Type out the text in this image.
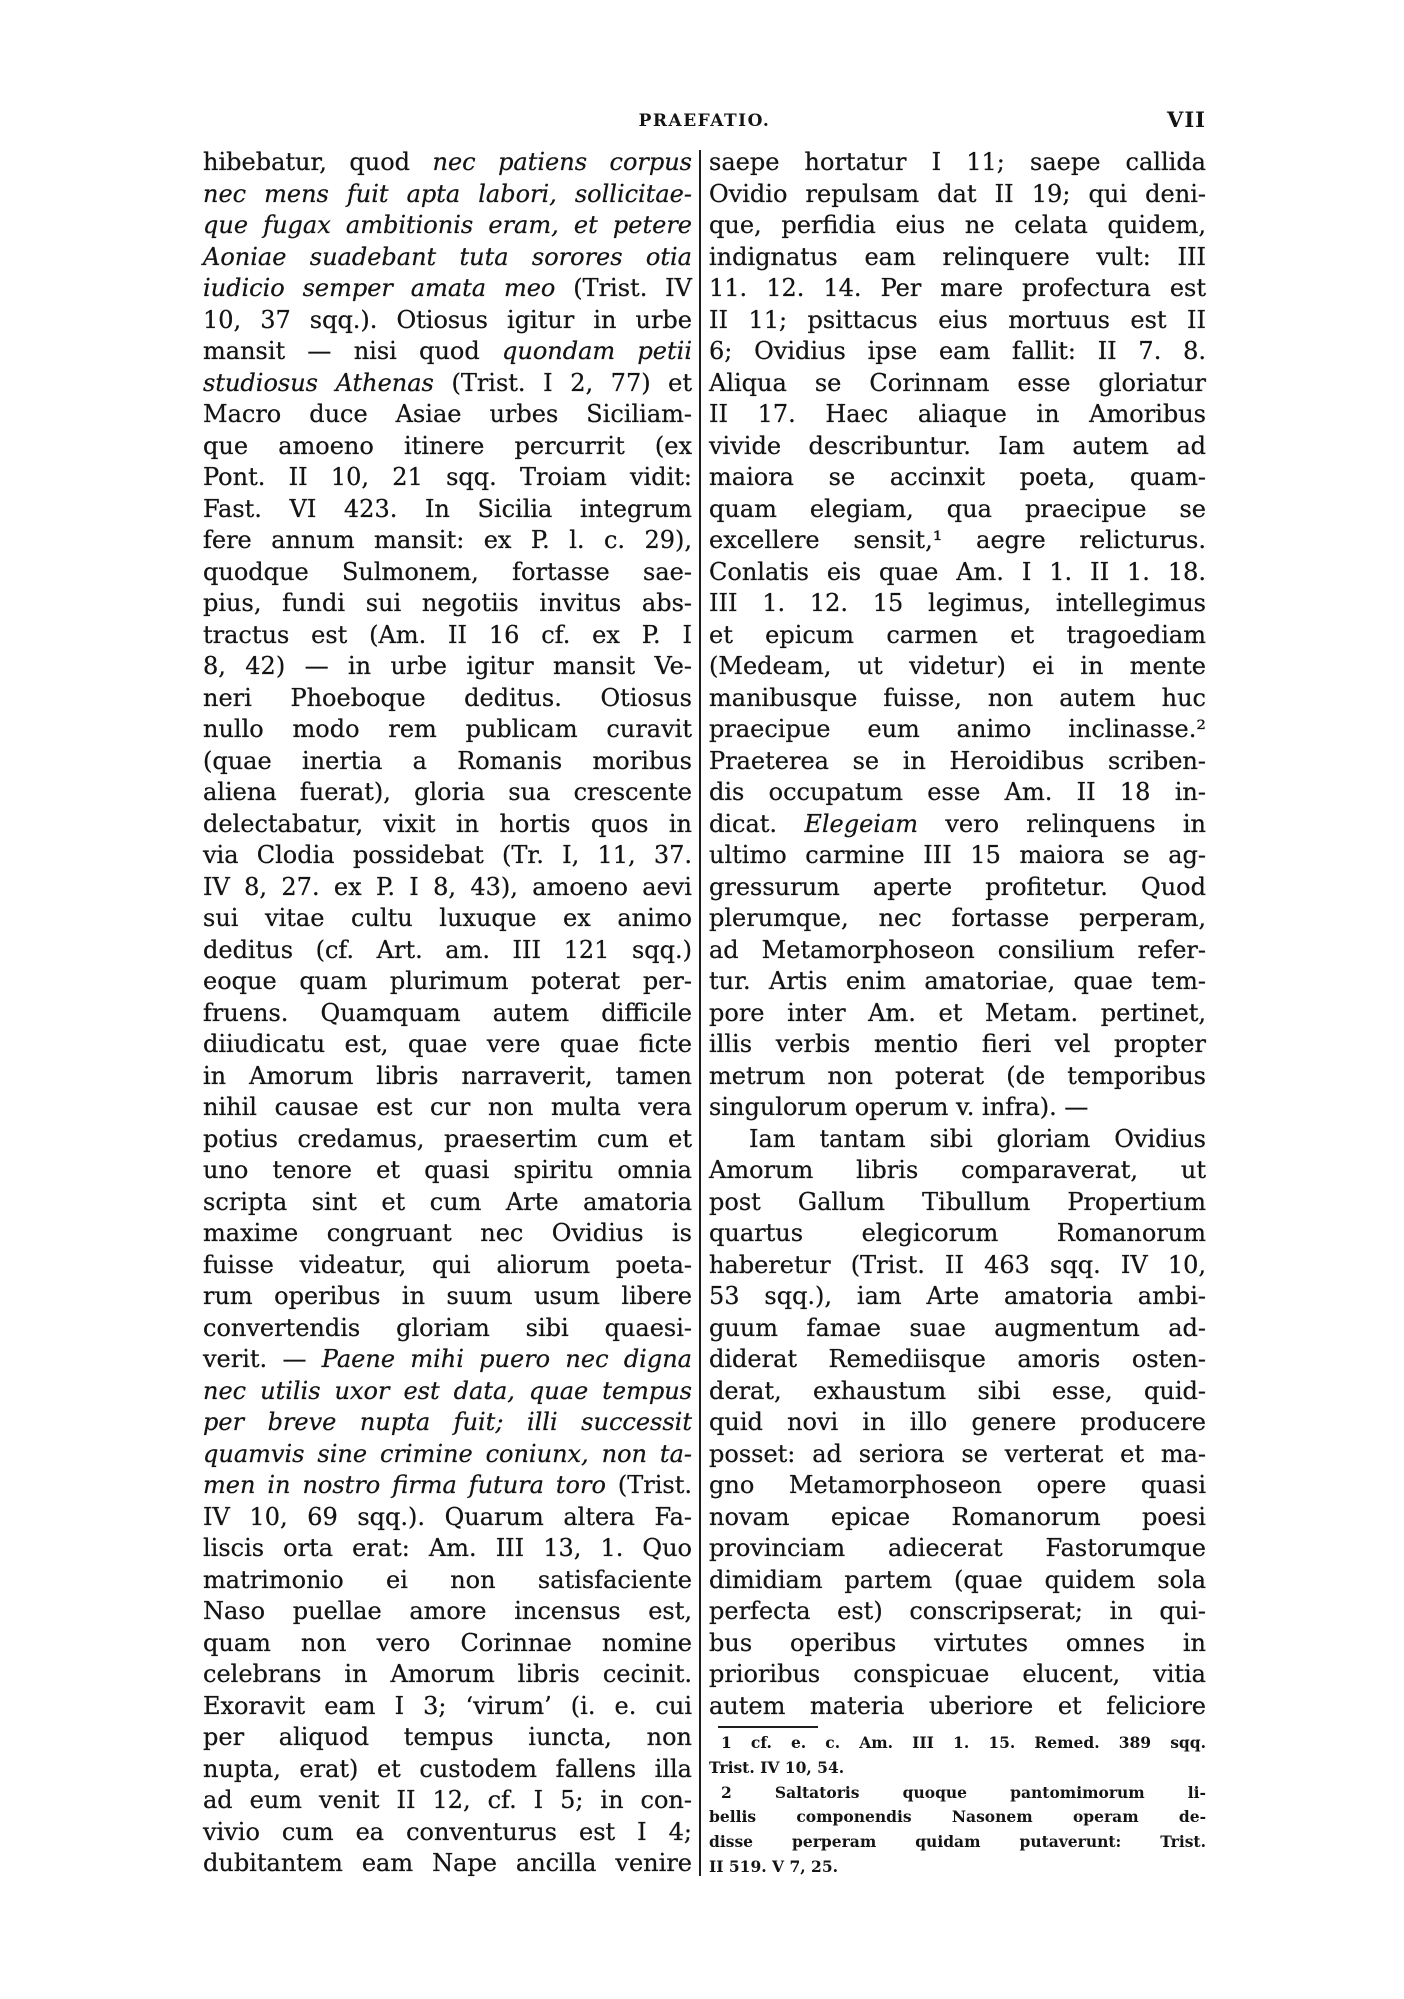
PRAEFATIO.	VII
hibebatur, quod nec patiens corpus
nec mens fuit apta labori, sollicitae-
que fugax ambitionis eram, et petere
Aoniae suadebant tuta sorores otia
iudicio semper amata meo (Trist. IV
10, 37 sqq.). Otiosus igitur in urbe
mansit — nisi quod quondam petii
studiosus Athenas (Trist. I 2, 77) et
Macro duce Asiae urbes Siciliam-
que amoeno itinere percurrit (ex
Pont. II 10, 21 sqq. Troiam vidit:
Fast. VI 423. In Sicilia integrum
fere annum mansit: ex P. l. c. 29),
quodque Sulmonem, fortasse sae-
pius, fundi sui negotiis invitus abs-
tractus est (Am. II 16 cf. ex P. I
8, 42) — in urbe igitur mansit Ve-
neri Phoeboque deditus. Otiosus
nullo modo rem publicam curavit
(quae inertia a Romanis moribus
aliena fuerat), gloria sua crescente
delectabatur, vixit in hortis quos in
via Clodia possidebat (Tr. I, 11, 37.
IV 8, 27. ex P. I 8, 43), amoeno aevi
sui vitae cultu luxuque ex animo
deditus (cf. Art. am. III 121 sqq.)
eoque quam plurimum poterat per-
fruens. Quamquam autem difficile
diiudicatu est, quae vere quae ficte
in Amorum libris narraverit, tamen
nihil causae est cur non multa vera
potius credamus, praesertim cum et
uno tenore et quasi spiritu omnia
scripta sint et cum Arte amatoria
maxime congruant nec Ovidius is
fuisse videatur, qui aliorum poeta-
rum operibus in suum usum libere
convertendis gloriam sibi quaesi-
verit. — Paene mihi puero nec digna
nec utilis uxor est data, quae tempus
per breve nupta fuit; illi successit
quamvis sine crimine coniunx, non ta-
men in nostro firma futura toro (Trist.
IV 10, 69 sqq.). Quarum altera Fa-
liscis orta erat: Am. III 13, 1. Quo
matrimonio ei non satisfaciente
Naso puellae amore incensus est,
quam non vero Corinnae nomine
celebrans in Amorum libris cecinit.
Exoravit eam I 3; ‘virum’ (i. e. cui
per aliquod tempus iuncta, non
nupta, erat) et custodem fallens illa
ad eum venit II 12, cf. I 5; in con-
vivio cum ea conventurus est I 4;
dubitantem eam Nape ancilla venire
saepe hortatur I 11; saepe callida
Ovidio repulsam dat II 19; qui deni-
que, perfidia eius ne celata quidem,
indignatus eam relinquere vult: III
11. 12. 14. Per mare profectura est
II 11; psittacus eius mortuus est II
6; Ovidius ipse eam fallit: II 7. 8.
Aliqua se Corinnam esse gloriatur
II 17. Haec aliaque in Amoribus
vivide describuntur. Iam autem ad
maiora se accinxit poeta, quam-
quam elegiam, qua praecipue se
excellere sensit,¹ aegre relicturus.
Conlatis eis quae Am. I 1. II 1. 18.
III 1. 12. 15 legimus, intellegimus
et epicum carmen et tragoediam
(Medeam, ut videtur) ei in mente
manibusque fuisse, non autem huc
praecipue eum animo inclinasse.²
Praeterea se in Heroidibus scriben-
dis occupatum esse Am. II 18 in-
dicat. Elegeiam vero relinquens in
ultimo carmine III 15 maiora se ag-
gressurum aperte profitetur. Quod
plerumque, nec fortasse perperam,
ad Metamorphoseon consilium refer-
tur. Artis enim amatoriae, quae tem-
pore inter Am. et Metam. pertinet,
illis verbis mentio fieri vel propter
metrum non poterat (de temporibus
singulorum operum v. infra). —
Iam tantam sibi gloriam Ovidius
Amorum libris comparaverat, ut
post Gallum Tibullum Propertium
quartus elegicorum Romanorum
haberetur (Trist. II 463 sqq. IV 10,
53 sqq.), iam Arte amatoria ambi-
guum famae suae augmentum ad-
diderat Remediisque amoris osten-
derat, exhaustum sibi esse, quid-
quid novi in illo genere producere
posset: ad seriora se verterat et ma-
gno Metamorphoseon opere quasi
novam epicae Romanorum poesi
provinciam adiecerat Fastorumque
dimidiam partem (quae quidem sola
perfecta est) conscripserat; in qui-
bus operibus virtutes omnes in
prioribus conspicuae elucent, vitia
autem materia uberiore et feliciore
1 cf. e. c. Am. III 1. 15. Remed. 389 sqq.
Trist. IV 10, 54.
2 Saltatoris quoque pantomimorum li-
bellis componendis Nasonem operam de-
disse perperam quidam putaverunt: Trist.
II 519. V 7, 25.
